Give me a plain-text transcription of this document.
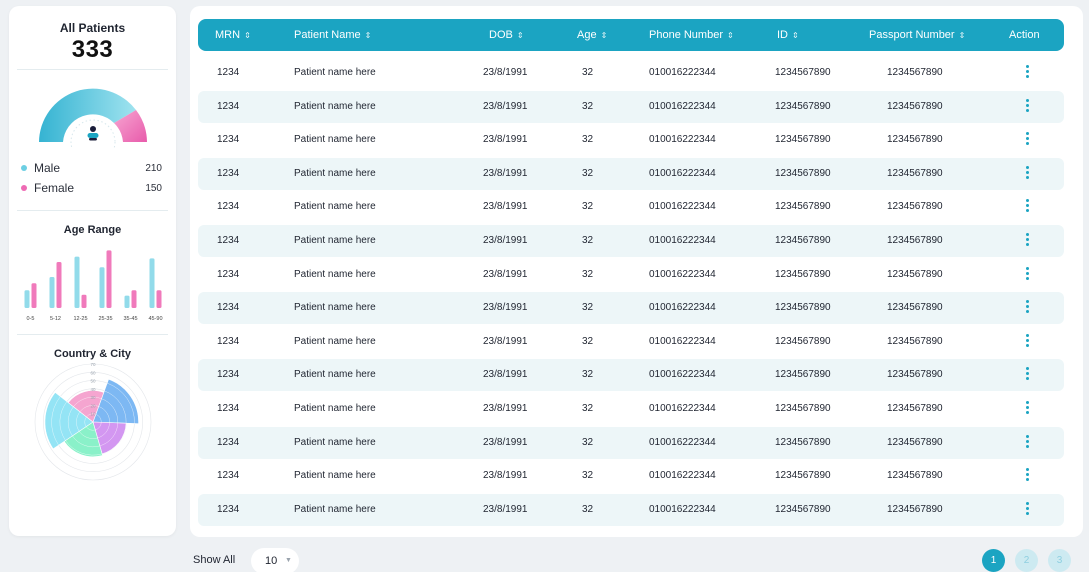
All Patients
333
Male	210
Female	150
Age Range
0-5	5-12 12-25 25-35 35-45 45-90
Country & City
70
60
50
40
30
20
10
MRN ⇕	Patient Name ⇕	DOB ⇕	Age ⇕	Phone Number ⇕	ID ⇕	Passport Number ⇕	Action
1234	Patient name here	23/8/1991	32	010016222344	1234567890	1234567890
1234	Patient name here	23/8/1991	32	010016222344	1234567890	1234567890
1234	Patient name here	23/8/1991	32	010016222344	1234567890	1234567890
1234	Patient name here	23/8/1991	32	010016222344	1234567890	1234567890
1234	Patient name here	23/8/1991	32	010016222344	1234567890	1234567890
1234	Patient name here	23/8/1991	32	010016222344	1234567890	1234567890
1234	Patient name here	23/8/1991	32	010016222344	1234567890	1234567890
1234	Patient name here	23/8/1991	32	010016222344	1234567890	1234567890
1234	Patient name here	23/8/1991	32	010016222344	1234567890	1234567890
1234	Patient name here	23/8/1991	32	010016222344	1234567890	1234567890
1234	Patient name here	23/8/1991	32	010016222344	1234567890	1234567890
1234	Patient name here	23/8/1991	32	010016222344	1234567890	1234567890
1234	Patient name here	23/8/1991	32	010016222344	1234567890	1234567890
1234	Patient name here	23/8/1991	32	010016222344	1234567890	1234567890
Show All	10 ▼	1	2	3
